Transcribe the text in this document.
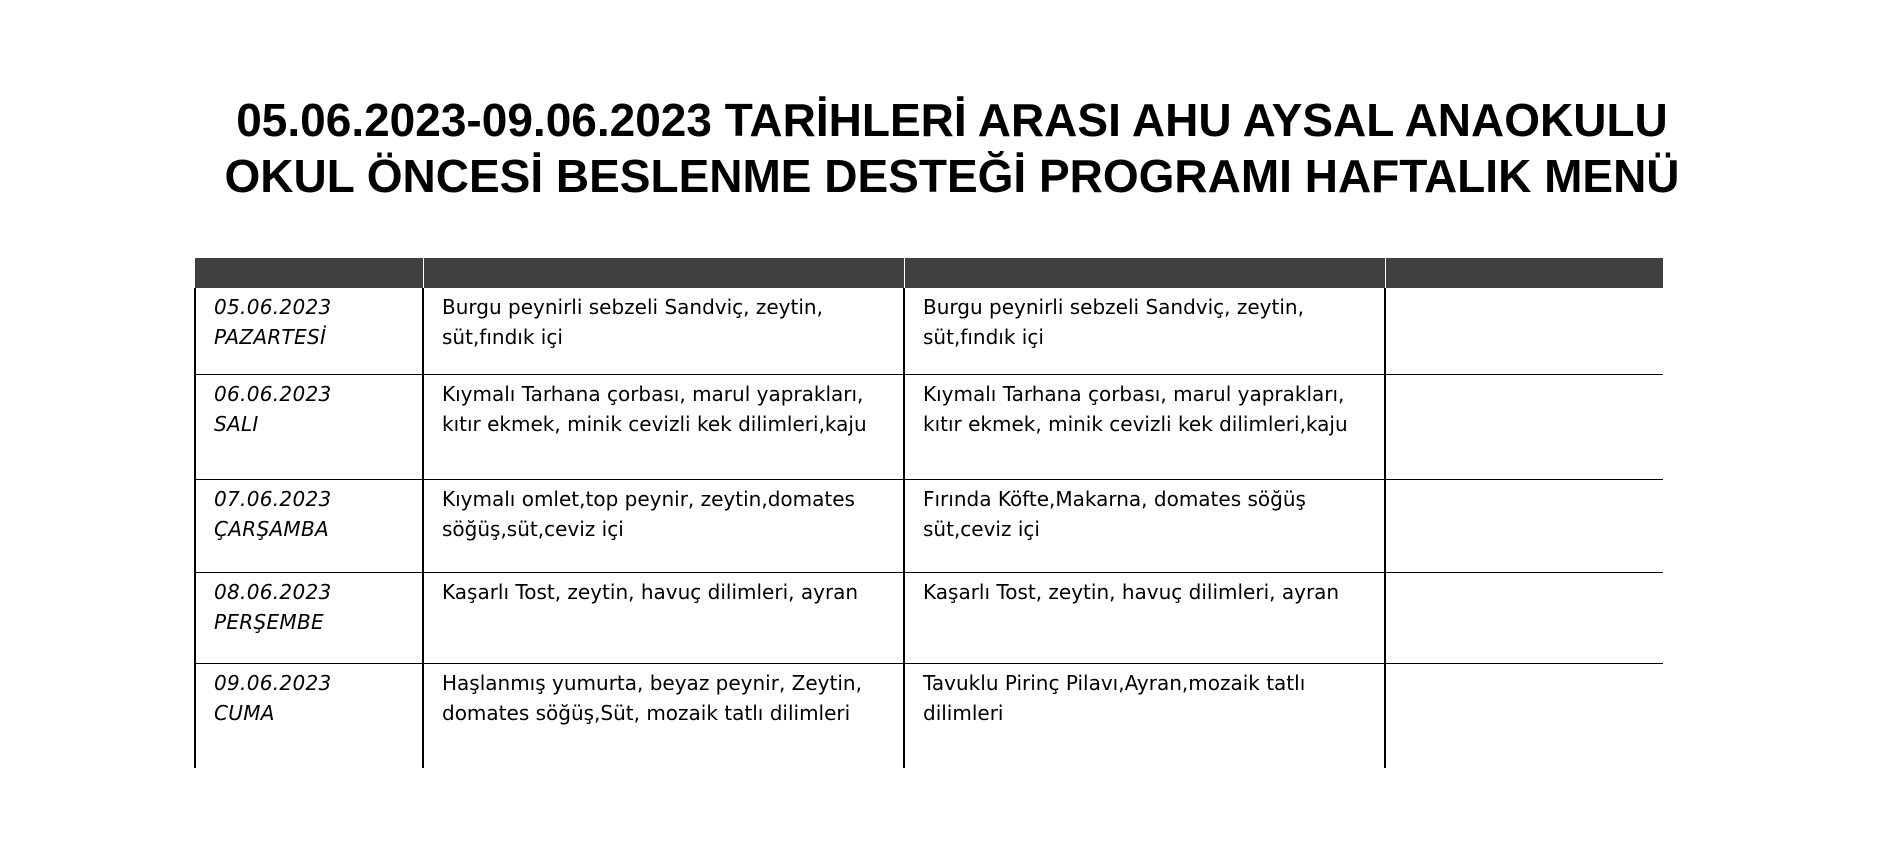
05.06.2023-09.06.2023 TARİHLERİ ARASI AHU AYSAL ANAOKULU
OKUL ÖNCESİ BESLENME DESTEĞİ PROGRAMI HAFTALIK MENÜ

05.06.2023
PAZARTESİ	Burgu peynirli sebzeli Sandviç, zeytin, süt,fındık içi	Burgu peynirli sebzeli Sandviç, zeytin, süt,fındık içi	

06.06.2023
SALI	Kıymalı Tarhana çorbası, marul yaprakları, kıtır ekmek, minik cevizli kek dilimleri,kaju	Kıymalı Tarhana çorbası, marul yaprakları, kıtır ekmek, minik cevizli kek dilimleri,kaju	

07.06.2023
ÇARŞAMBA	Kıymalı omlet,top peynir, zeytin,domates söğüş,süt,ceviz içi	Fırında Köfte,Makarna, domates söğüş süt,ceviz içi	

08.06.2023
PERŞEMBE	Kaşarlı Tost, zeytin, havuç dilimleri, ayran	Kaşarlı Tost, zeytin, havuç dilimleri, ayran	

09.06.2023
CUMA	Haşlanmış yumurta, beyaz peynir, Zeytin, domates söğüş,Süt, mozaik tatlı dilimleri	Tavuklu Pirinç Pilavı,Ayran,mozaik tatlı dilimleri	
